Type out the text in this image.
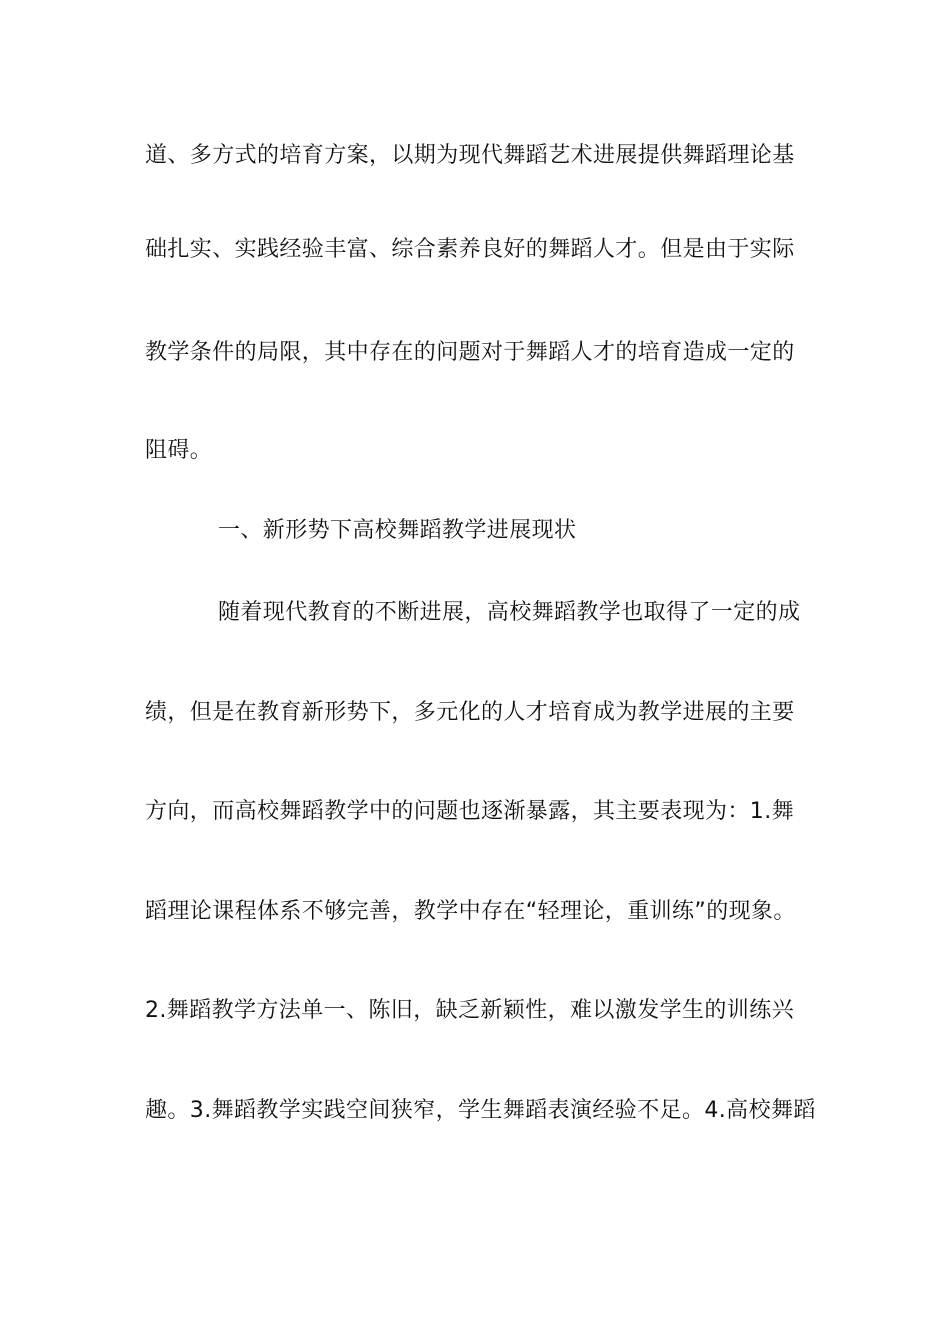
道、多方式的培育方案，以期为现代舞蹈艺术进展提供舞蹈理论基
础扎实、实践经验丰富、综合素养良好的舞蹈人才。但是由于实际
教学条件的局限，其中存在的问题对于舞蹈人才的培育造成一定的
阻碍。
一、新形势下高校舞蹈教学进展现状
随着现代教育的不断进展，高校舞蹈教学也取得了一定的成
绩，但是在教育新形势下，多元化的人才培育成为教学进展的主要
方向，而高校舞蹈教学中的问题也逐渐暴露，其主要表现为：1.舞
蹈理论课程体系不够完善，教学中存在“轻理论，重训练”的现象。
2.舞蹈教学方法单一、陈旧，缺乏新颖性，难以激发学生的训练兴
趣。3.舞蹈教学实践空间狭窄，学生舞蹈表演经验不足。4.高校舞蹈
